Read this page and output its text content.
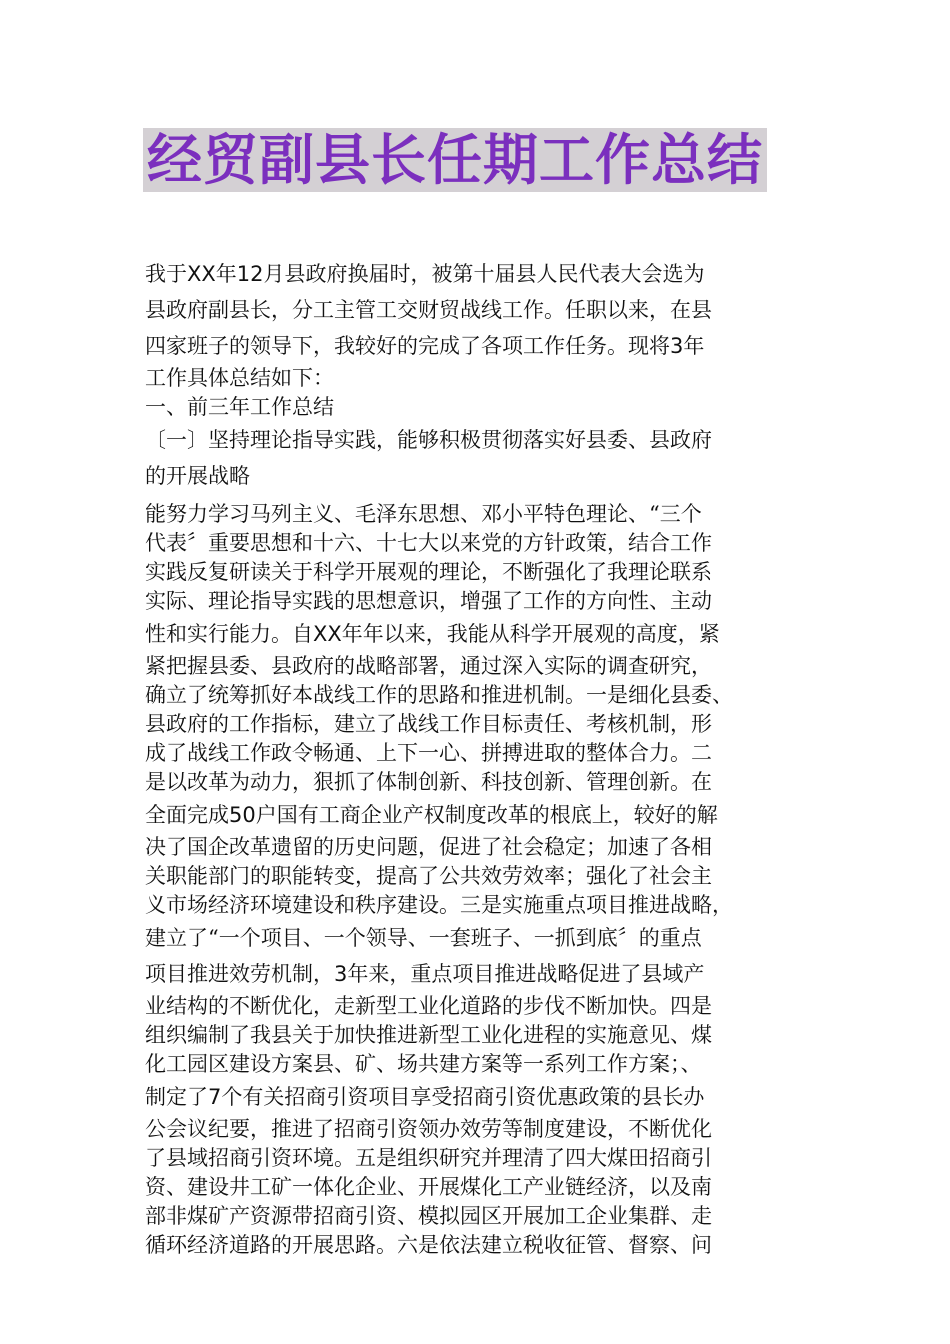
经贸副县长任期工作总结
我于XX年12月县政府换届时，被第十届县人民代表大会选为
县政府副县长，分工主管工交财贸战线工作。任职以来，在县
四家班子的领导下，我较好的完成了各项工作任务。现将3年
工作具体总结如下：
一、前三年工作总结
〔一〕坚持理论指导实践，能够积极贯彻落实好县委、县政府
的开展战略
能努力学习马列主义、毛泽东思想、邓小平特色理论、“三个
代表〞重要思想和十六、十七大以来党的方针政策，结合工作
实践反复研读关于科学开展观的理论，不断强化了我理论联系
实际、理论指导实践的思想意识，增强了工作的方向性、主动
性和实行能力。自XX年年以来，我能从科学开展观的高度，紧
紧把握县委、县政府的战略部署，通过深入实际的调查研究，
确立了统筹抓好本战线工作的思路和推进机制。一是细化县委、
县政府的工作指标，建立了战线工作目标责任、考核机制，形
成了战线工作政令畅通、上下一心、拼搏进取的整体合力。二
是以改革为动力，狠抓了体制创新、科技创新、管理创新。在
全面完成50户国有工商企业产权制度改革的根底上，较好的解
决了国企改革遗留的历史问题，促进了社会稳定；加速了各相
关职能部门的职能转变，提高了公共效劳效率；强化了社会主
义市场经济环境建设和秩序建设。三是实施重点项目推进战略，
建立了“一个项目、一个领导、一套班子、一抓到底〞的重点
项目推进效劳机制，3年来，重点项目推进战略促进了县域产
业结构的不断优化，走新型工业化道路的步伐不断加快。四是
组织编制了我县关于加快推进新型工业化进程的实施意见、煤
化工园区建设方案县、矿、场共建方案等一系列工作方案；、
制定了7个有关招商引资项目享受招商引资优惠政策的县长办
公会议纪要，推进了招商引资领办效劳等制度建设，不断优化
了县域招商引资环境。五是组织研究并理清了四大煤田招商引
资、建设井工矿一体化企业、开展煤化工产业链经济，以及南
部非煤矿产资源带招商引资、模拟园区开展加工企业集群、走
循环经济道路的开展思路。六是依法建立税收征管、督察、问
